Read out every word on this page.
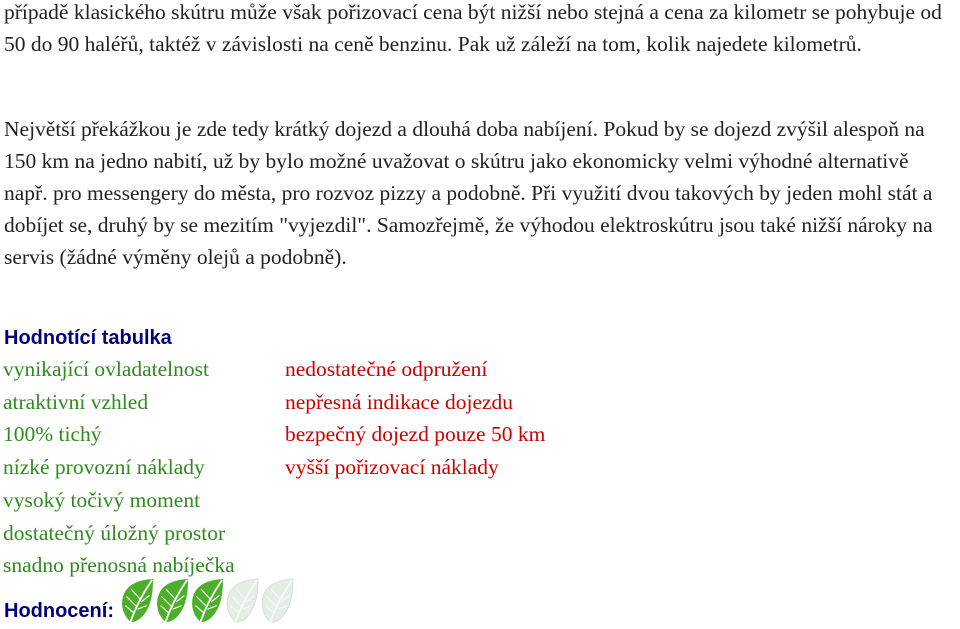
případě klasického skútru může však pořizovací cena být nižší nebo stejná a cena za kilometr se pohybuje od 50 do 90 haléřů, taktéž v závislosti na ceně benzinu. Pak už záleží na tom, kolik najedete kilometrů.

Největší překážkou je zde tedy krátký dojezd a dlouhá doba nabíjení. Pokud by se dojezd zvýšil alespoň na 150 km na jedno nabití, už by bylo možné uvažovat o skútru jako ekonomicky velmi výhodné alternativě např. pro messengery do města, pro rozvoz pizzy a podobně. Při využití dvou takových by jeden mohl stát a dobíjet se, druhý by se mezitím "vyjezdil". Samozřejmě, že výhodou elektroskútru jsou také nižší nároky na servis (žádné výměny olejů a podobně).

Hodnotící tabulka
vynikající ovladatelnost
atraktivní vzhled
100% tichý
nízké provozní náklady
vysoký točivý moment
dostatečný úložný prostor
snadno přenosná nabíječka
nedostatečné odpružení
nepřesná indikace dojezdu
bezpečný dojezd pouze 50 km
vyšší pořizovací náklady
Hodnocení:
